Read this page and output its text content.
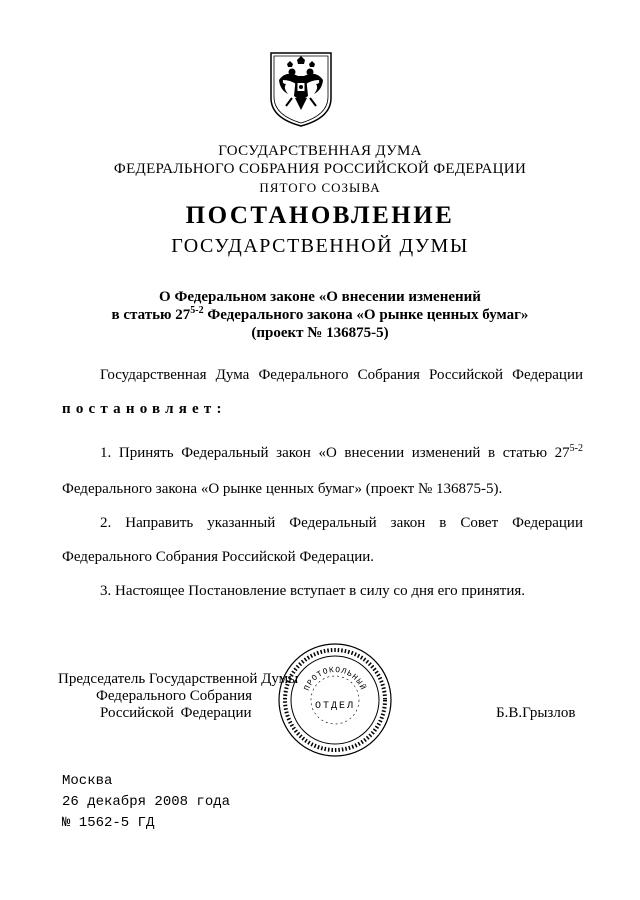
ГОСУДАРСТВЕННАЯ ДУМА
ФЕДЕРАЛЬНОГО СОБРАНИЯ РОССИЙСКОЙ ФЕДЕРАЦИИ
ПЯТОГО СОЗЫВА
ПОСТАНОВЛЕНИЕ
ГОСУДАРСТВЕННОЙ ДУМЫ
О Федеральном законе «О внесении изменений
в статью 27$^{5-2}$ Федерального закона «О рынке ценных бумаг»
(проект № 136875-5)
Государственная Дума Федерального Собрания Российской Федерации
постановляет:
1. Принять Федеральный закон «О внесении изменений в статью 27$^{5-2}$
Федерального закона «О рынке ценных бумаг» (проект № 136875-5).
2. Направить указанный Федеральный закон в Совет Федерации
Федерального Собрания Российской Федерации.
3. Настоящее Постановление вступает в силу со дня его принятия.
Председатель Государственной Думы
Федерального Собрания
Российской Федерации	Б.В.Грызлов
ПРОТОКОЛЬНЫЙ
ОТДЕЛ
Москва
26 декабря 2008 года
№ 1562-5 ГД
